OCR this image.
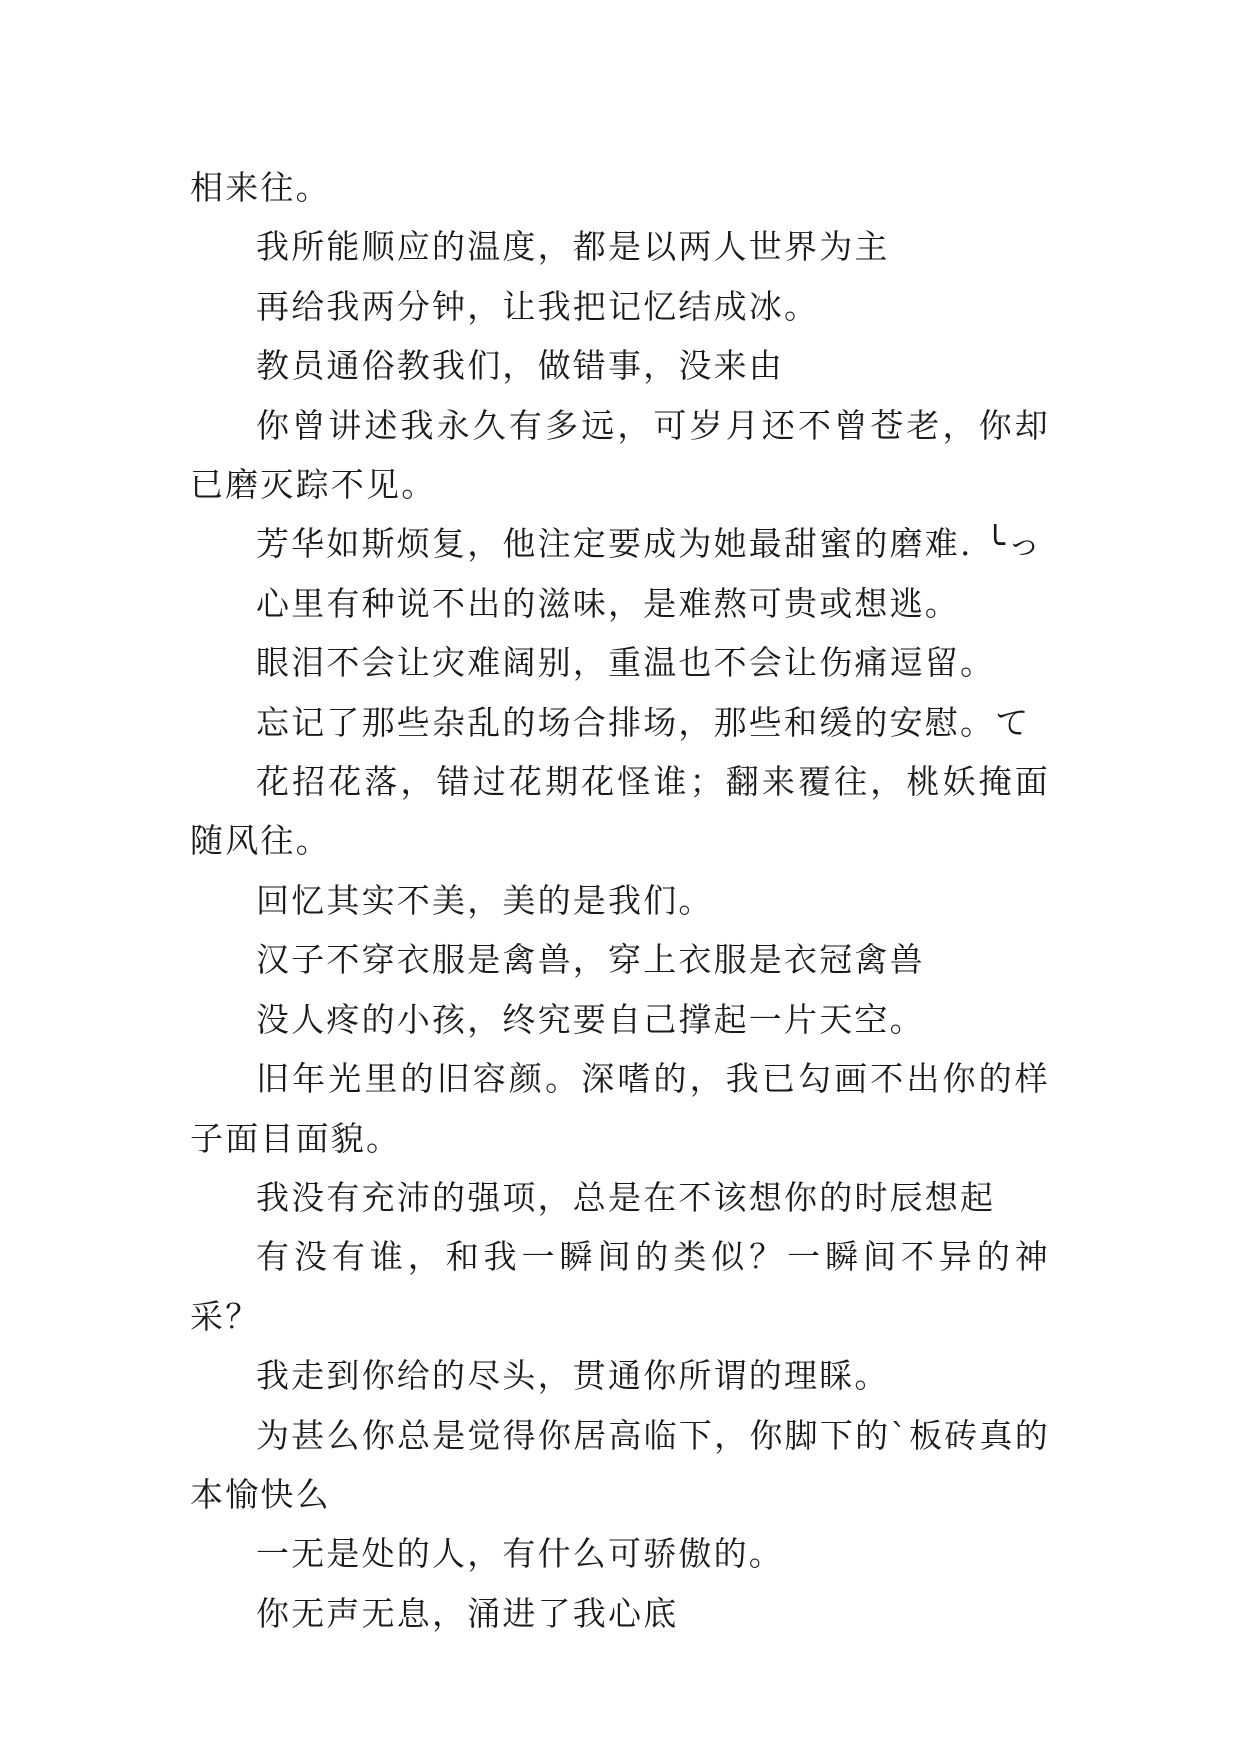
相来往。

我所能顺应的温度，都是以两人世界为主

再给我两分钟，让我把记忆结成冰。

教员通俗教我们，做错事，没来由

你曾讲述我永久有多远，可岁月还不曾苍老，你却已磨灭踪不见。

芳华如斯烦复，他注定要成为她最甜蜜的磨难. ╰っ

心里有种说不出的滋味，是难熬可贵或想逃。

眼泪不会让灾难阔别，重温也不会让伤痛逗留。

忘记了那些杂乱的场合排场，那些和缓的安慰。て

花招花落，错过花期花怪谁；翻来覆往，桃妖掩面随风往。

回忆其实不美，美的是我们。

汉子不穿衣服是禽兽，穿上衣服是衣冠禽兽

没人疼的小孩，终究要自己撑起一片天空。

旧年光里的旧容颜。深嗜的，我已勾画不出你的样子面目面貌。

我没有充沛的强项，总是在不该想你的时辰想起

有没有谁，和我一瞬间的类似？一瞬间不异的神采？

我走到你给的尽头，贯通你所谓的理睬。

为甚么你总是觉得你居高临下，你脚下的`板砖真的本愉快么

一无是处的人，有什么可骄傲的。

你无声无息，涌进了我心底
